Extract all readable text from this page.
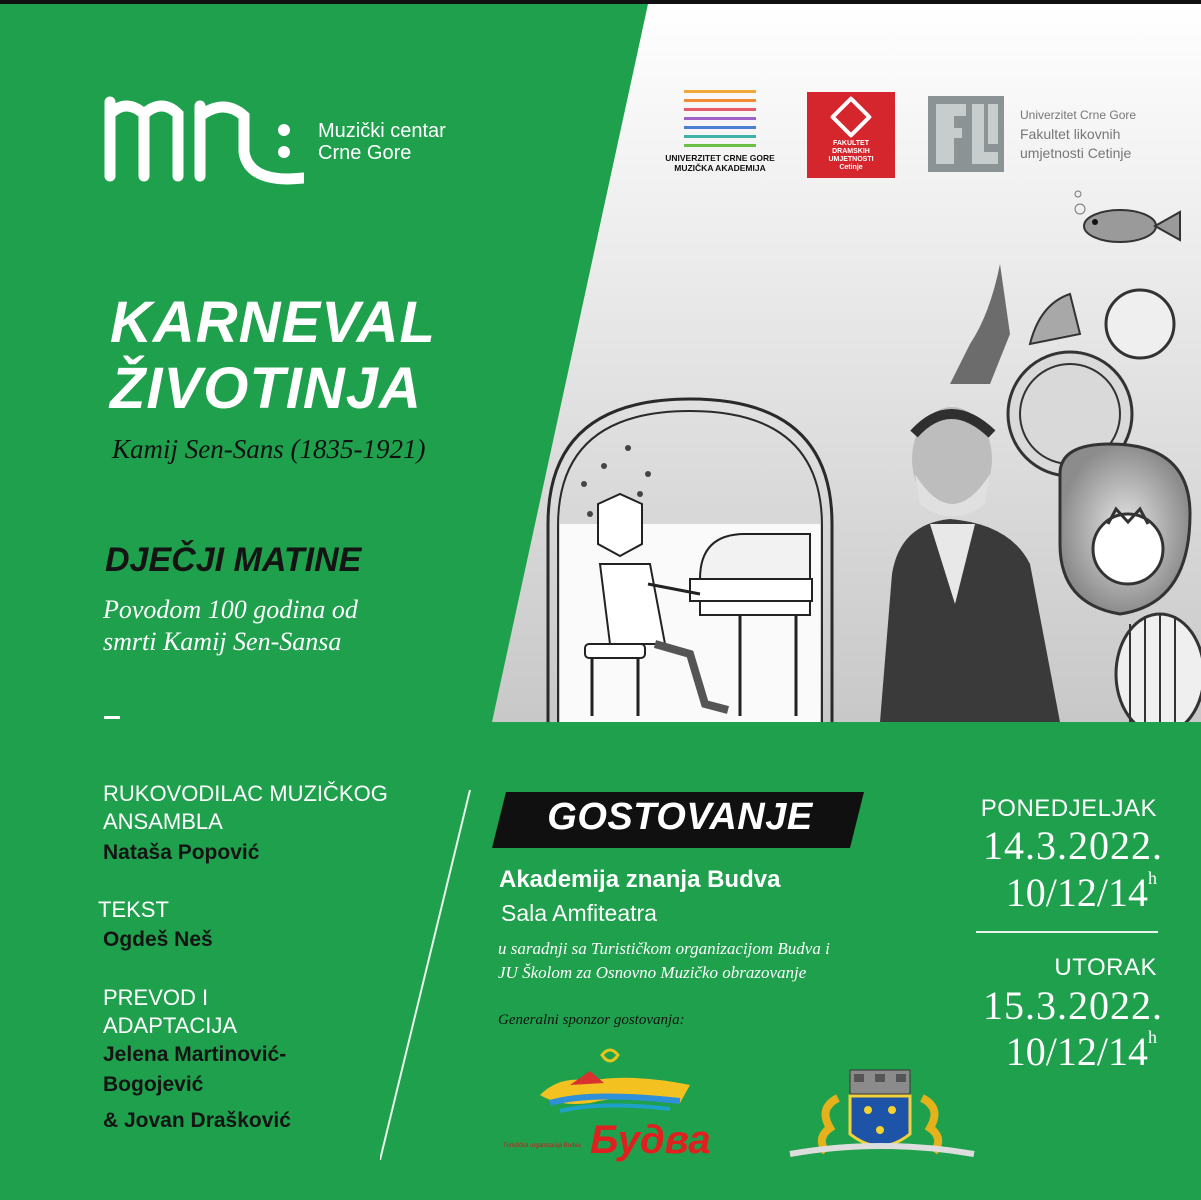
Muzički centar
Crne Gore	UNIVERZITET CRNE GORE
MUZIČKA AKADEMIJA
FAKULTET
DRAMSKIH
UMJETNOSTI
Cetinje
Univerzitet Crne Gore
Fakultet likovnih
umjetnosti Cetinje
KARNEVAL
ŽIVOTINJA
Kamij Sen-Sans (1835-1921)
DJEČJI MATINE
Povodom 100 godina od
smrti Kamij Sen-Sansa
RUKOVODILAC MUZIČKOG
ANSAMBLA
Nataša Popović
TEKST
Ogdeš Neš
PREVOD I
ADAPTACIJA
Jelena Martinović-
Bogojević
& Jovan Drašković
GOSTOVANJE
Akademija znanja Budva
Sala Amfiteatra
u saradnji sa Turističkom organizacijom Budva i
JU Školom za Osnovno Muzičko obrazovanje
Generalni sponzor gostovanja:
PONEDJELJAK
14.3.2022.
10/12/14$^h$
UTORAK
15.3.2022.
10/12/14$^h$
Turistička organizacija Budva Будва
